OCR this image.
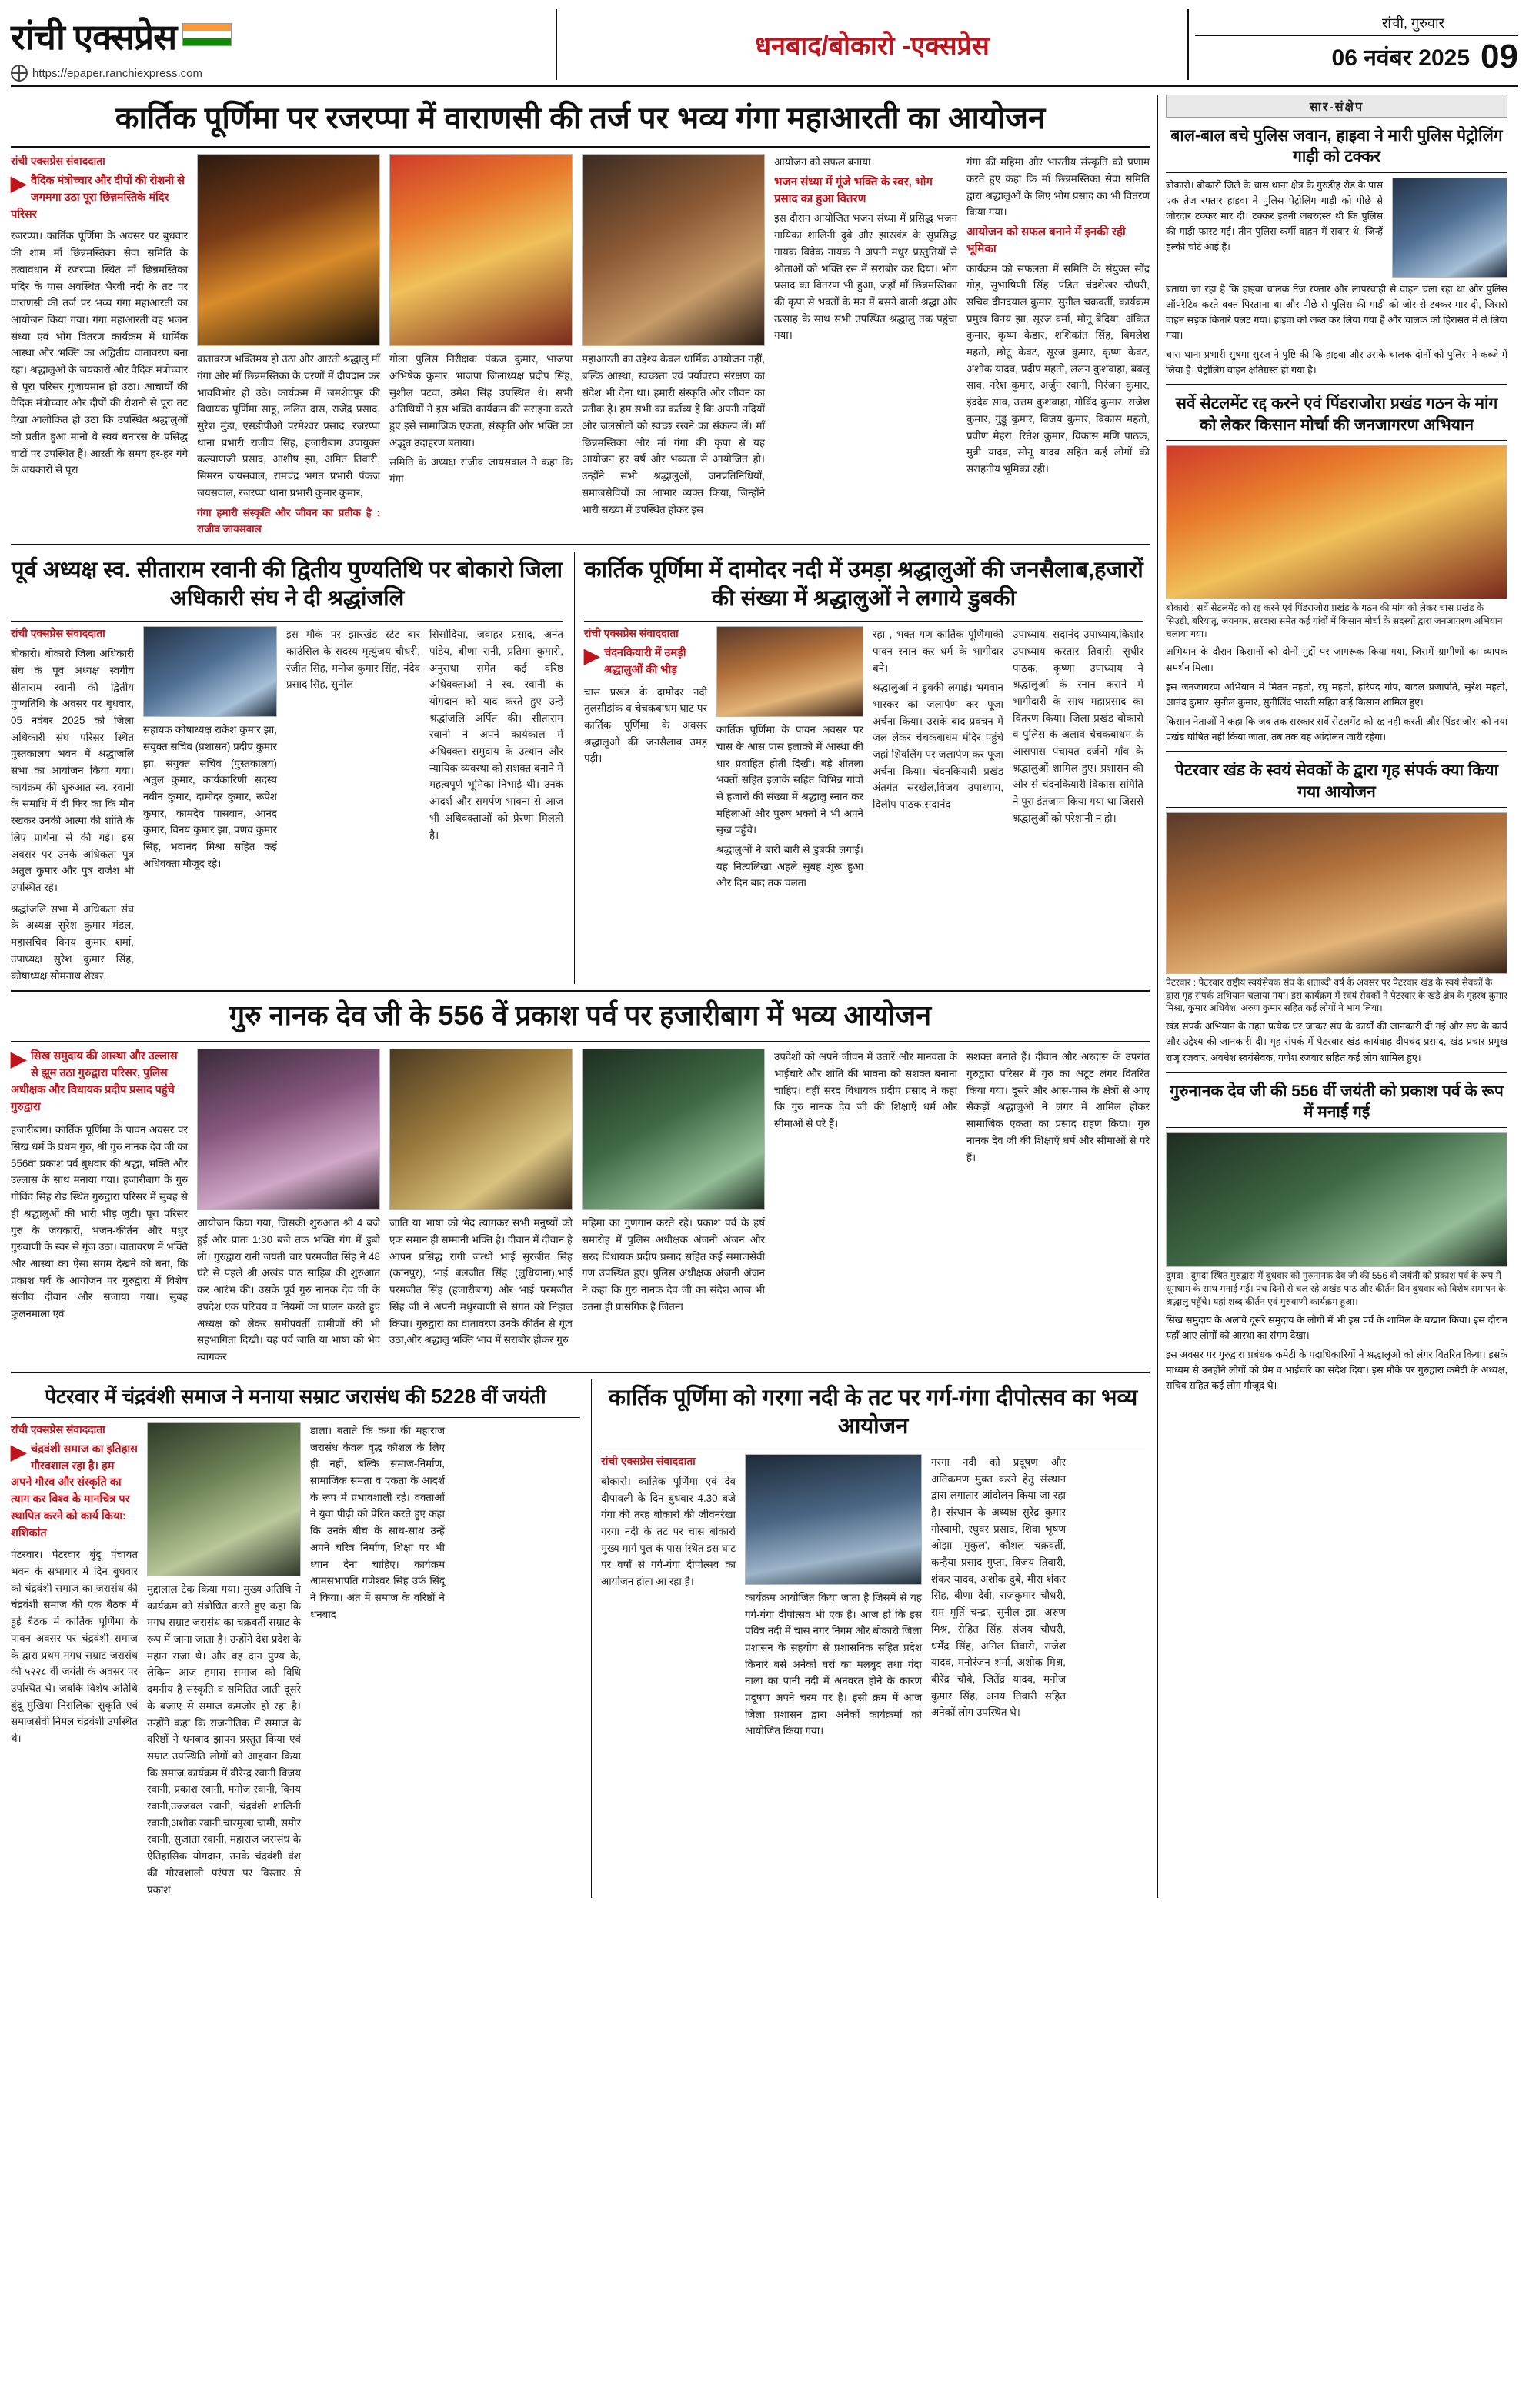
रांची एक्सप्रेस
https://epaper.ranchiexpress.com
धनबाद/बोकारो -एक्सप्रेस
रांची, गुरुवार
06 नवंबर 2025 09
कार्तिक पूर्णिमा पर रजरप्पा में वाराणसी की तर्ज पर भव्य गंगा महाआरती का आयोजन
रांची एक्सप्रेस संवाददाता
▶ वैदिक मंत्रोच्चार और दीपों की रोशनी से जगमगा उठा पूरा छिन्नमस्तिके मंदिर परिसर
रजरप्पा। कार्तिक पूर्णिमा के अवसर पर बुधवार की शाम माँ छिन्नमस्तिका सेवा समिति के तत्वावधान में रजरप्पा स्थित माँ छिन्नमस्तिका मंदिर के पास अवस्थित भैरवी नदी के तट पर वाराणसी की तर्ज पर भव्य गंगा महाआरती का आयोजन किया गया। गंगा महाआरती वह भजन संध्या एवं भोग वितरण कार्यक्रम में धार्मिक आस्था और भक्ति का अद्वितीय वातावरण बना रहा। श्रद्धालुओं के जयकारों और वैदिक मंत्रोच्चार से पूरा परिसर गुंजायमान हो उठा। आचार्यों की वैदिक मंत्रोच्चार और दीपों की रौशनी से पूरा तट देखा आलोकित हो उठा कि उपस्थित श्रद्धालुओं को प्रतीत हुआ मानो वे स्वयं बनारस के प्रसिद्ध घाटों पर उपस्थित हैं। आरती के समय हर-हर गंगे के जयकारों से पूरा
वातावरण भक्तिमय हो उठा और आरती श्रद्धालु माँ गंगा और माँ छिन्नमस्तिका के चरणों में दीपदान कर भावविभोर हो उठे। कार्यक्रम में जमशेदपुर की विधायक पूर्णिमा साहू, ललित दास, राजेंद्र प्रसाद, सुरेश मुंडा, एसडीपीओ परमेश्वर प्रसाद, रजरप्पा थाना प्रभारी राजीव सिंह, हजारीबाग उपायुक्त कल्याणजी प्रसाद, आशीष झा, अमित तिवारी, सिमरन जयसवाल, रामचंद्र भगत प्रभारी पंकज जयसवाल, रजरप्पा थाना प्रभारी कुमार कुमार,
गंगा हमारी संस्कृति और जीवन का प्रतीक है : राजीव जायसवाल
गोला पुलिस निरीक्षक पंकज कुमार, भाजपा अभिषेक कुमार, भाजपा जिलाध्यक्ष प्रदीप सिंह, सुशील पटवा, उमेश सिंह उपस्थित थे। सभी अतिथियों ने इस भक्ति कार्यक्रम की सराहना करते हुए इसे सामाजिक एकता, संस्कृति और भक्ति का अद्भुत उदाहरण बताया।
समिति के अध्यक्ष राजीव जायसवाल ने कहा कि गंगा
महाआरती का उद्देश्य केवल धार्मिक आयोजन नहीं, बल्कि आस्था, स्वच्छता एवं पर्यावरण संरक्षण का संदेश भी देना था। हमारी संस्कृति और जीवन का प्रतीक है। हम सभी का कर्तव्य है कि अपनी नदियों और जलस्रोतों को स्वच्छ रखने का संकल्प लें। माँ छिन्नमस्तिका और माँ गंगा की कृपा से यह आयोजन हर वर्ष और भव्यता से आयोजित हो। उन्होंने सभी श्रद्धालुओं, जनप्रतिनिधियों, समाजसेवियों का आभार व्यक्त किया, जिन्होंने भारी संख्या में उपस्थित होकर इस
आयोजन को सफल बनाया।
भजन संध्या में गूंजे भक्ति के स्वर, भोग प्रसाद का हुआ वितरण
इस दौरान आयोजित भजन संध्या में प्रसिद्ध भजन गायिका शालिनी दुबे और झारखंड के सुप्रसिद्ध गायक विवेक नायक ने अपनी मधुर प्रस्तुतियों से श्रोताओं को भक्ति रस में सराबोर कर दिया। भोग प्रसाद का वितरण भी हुआ, जहाँ माँ छिन्नमस्तिका की कृपा से भक्तों के मन में बसने वाली श्रद्धा और उत्साह के साथ सभी उपस्थित श्रद्धालु तक पहुंचा गया।
गंगा की महिमा और भारतीय संस्कृति को प्रणाम करते हुए कहा कि माँ छिन्नमस्तिका सेवा समिति द्वारा श्रद्धालुओं के लिए भोग प्रसाद का भी वितरण किया गया।
आयोजन को सफल बनाने में इनकी रही भूमिका
कार्यक्रम को सफलता में समिति के संयुक्त सोंद्र गोड़, सुभाषिणी सिंह, पंडित चंद्रशेखर चौधरी, सचिव दीनदयाल कुमार, सुनील चक्रवर्ती, कार्यक्रम प्रमुख विनय झा, सूरज वर्मा, मोनू बेदिया, अंकित कुमार, कृष्ण केडार, शशिकांत सिंह, बिमलेश महतो, छोटू केवट, सूरज कुमार, कृष्ण केवट, अशोक यादव, प्रदीप महतो, ललन कुशवाहा, बबलू साव, नरेश कुमार, अर्जुन रवानी, निरंजन कुमार, इंद्रदेव साव, उत्तम कुशवाहा, गोविंद कुमार, राजेश कुमार, गुड्डू कुमार, विजय कुमार, विकास महतो, प्रवीण मेहरा, रितेश कुमार, विकास मणि पाठक, मुन्नी यादव, सोनू यादव सहित कई लोगों की सराहनीय भूमिका रही।
पूर्व अध्यक्ष स्व. सीताराम रवानी की द्वितीय पुण्यतिथि पर बोकारो जिला अधिकारी संघ ने दी श्रद्धांजलि
रांची एक्सप्रेस संवाददाता
बोकारो। बोकारो जिला अधिकारी संघ के पूर्व अध्यक्ष स्वर्गीय सीताराम रवानी की द्वितीय पुण्यतिथि के अवसर पर बुधवार, 05 नवंबर 2025 को जिला अधिकारी संघ परिसर स्थित पुस्तकालय भवन में श्रद्धांजलि सभा का आयोजन किया गया। कार्यक्रम की शुरुआत स्व. रवानी के समाधि में दी फिर का कि मौन रखकर उनकी आत्मा की शांति के लिए प्रार्थना से की गई। इस अवसर पर उनके अधिकता पुत्र अतुल कुमार और पुत्र राजेश भी उपस्थित रहे।
श्रद्धांजलि सभा में अधिकता संघ के अध्यक्ष सुरेश कुमार मंडल, महासचिव विनय कुमार शर्मा, उपाध्यक्ष सुरेश कुमार सिंह, कोषाध्यक्ष सोमनाथ शेखर,
सहायक कोषाध्यक्ष राकेश कुमार झा, संयुक्त सचिव (प्रशासन) प्रदीप कुमार झा, संयुक्त सचिव (पुस्तकालय) अतुल कुमार, कार्यकारिणी सदस्य नवीन कुमार, दामोदर कुमार, रूपेश कुमार, कामदेव पासवान, आनंद कुमार, विनय कुमार झा, प्रणव कुमार सिंह, भवानंद मिश्रा सहित कई अधिवक्ता मौजूद रहे।
इस मौके पर झारखंड स्टेट बार काउंसिल के सदस्य मृत्युंजय चौधरी, रंजीत सिंह, मनोज कुमार सिंह, नंदेव प्रसाद सिंह, सुनील
सिसोदिया, जवाहर प्रसाद, अनंत पांडेय, बीणा रानी, प्रतिमा कुमारी, अनुराधा समेत कई वरिष्ठ अधिवक्ताओं ने स्व. रवानी के योगदान को याद करते हुए उन्हें श्रद्धांजलि अर्पित की। सीताराम रवानी ने अपने कार्यकाल में अधिवक्ता समुदाय के उत्थान और न्यायिक व्यवस्था को सशक्त बनाने में महत्वपूर्ण भूमिका निभाई थी। उनके आदर्श और समर्पण भावना से आज भी अधिवक्ताओं को प्रेरणा मिलती है।
कार्तिक पूर्णिमा में दामोदर नदी में उमड़ा श्रद्धालुओं की जनसैलाब,हजारों की संख्या में श्रद्धालुओं ने लगाये डुबकी
रांची एक्सप्रेस संवाददाता
▶ चंदनकियारी में उमड़ी श्रद्धालुओं की भीड़
चास प्रखंड के दामोदर नदी तुलसीडांक व चेचकबाधम घाट पर कार्तिक पूर्णिमा के अवसर श्रद्धालुओं की जनसैलाब उमड़ पड़ी।
कार्तिक पूर्णिमा के पावन अवसर पर चास के आस पास इलाको में आस्था की धार प्रवाहित होती दिखी। बड़े शीतला भक्तों सहित इलाके सहित विभिन्न गांवों से हजारों की संख्या में श्रद्धालु स्नान कर महिलाओं और पुरुष भक्तों ने भी अपने सुख पहुँचे।
श्रद्धालुओं ने बारी बारी से डुबकी लगाई। यह नित्यलिखा अहले सुबह शुरू हुआ और दिन बाद तक चलता
रहा , भक्त गण कार्तिक पूर्णिमाकी पावन स्नान कर धर्म के भागीदार बने।
श्रद्धालुओं ने डुबकी लगाई। भगवान भास्कर को जलार्पण कर पूजा अर्चना किया। उसके बाद प्रवचन में जल लेकर चेचकबाधम मंदिर पहुंचे जहां शिवलिंग पर जलार्पण कर पूजा अर्चना किया। चंदनकियारी प्रखंड अंतर्गत सरखेल,विजय उपाध्याय, दिलीप पाठक,सदानंद
उपाध्याय, सदानंद उपाध्याय,किशोर उपाध्याय करतार तिवारी, सुधीर पाठक, कृष्णा उपाध्याय ने श्रद्धालुओं के स्नान कराने में भागीदारी के साथ महाप्रसाद का वितरण किया। जिला प्रखंड बोकारो व पुलिस के अलावे चेचकबाधम के आसपास पंचायत दर्जनों गाँव के श्रद्धालुओं शामिल हुए। प्रशासन की ओर से चंदनकियारी विकास समिति ने पूरा इंतजाम किया गया था जिससे श्रद्धालुओं को परेशानी न हो।
गुरु नानक देव जी के 556 वें प्रकाश पर्व पर हजारीबाग में भव्य आयोजन
▶ सिख समुदाय की आस्था और उल्लास से झूम उठा गुरुद्वारा परिसर, पुलिस अधीक्षक और विधायक प्रदीप प्रसाद पहुंचे गुरुद्वारा
हजारीबाग। कार्तिक पूर्णिमा के पावन अवसर पर सिख धर्म के प्रथम गुरु, श्री गुरु नानक देव जी का 556वां प्रकाश पर्व बुधवार की श्रद्धा, भक्ति और उल्लास के साथ मनाया गया। हजारीबाग के गुरु गोविंद सिंह रोड स्थित गुरुद्वारा परिसर में सुबह से ही श्रद्धालुओं की भारी भीड़ जुटी। पूरा परिसर गुरु के जयकारों, भजन-कीर्तन और मधुर गुरुवाणी के स्वर से गूंज उठा। वातावरण में भक्ति और आस्था का ऐसा संगम देखने को बना, कि प्रकाश पर्व के आयोजन पर गुरुद्वारा में विशेष संजीव दीवान और सजाया गया। सुबह फुलनमाला एवं
आयोजन किया गया, जिसकी शुरुआत श्री 4 बजे हुई और प्रातः 1:30 बजे तक भक्ति गंग में डुबो ली। गुरुद्वारा रानी जयंती चार परमजीत सिंह ने 48 घंटे से पहले श्री अखंड पाठ साहिब की शुरुआत कर आरंभ की। उसके पूर्व गुरु नानक देव जी के उपदेश एक परिचय व नियमों का पालन करते हुए अध्यक्ष को लेकर समीपवर्ती ग्रामीणों की भी सहभागिता दिखी। यह पर्व जाति या भाषा को भेद त्यागकर
जाति या भाषा को भेद त्यागकर सभी मनुष्यों को एक समान ही सम्मानी भक्ति है। दीवान में दीवान हे आपन प्रसिद्ध रागी जत्थों भाई सुरजीत सिंह (कानपुर), भाई बलजीत सिंह (लुधियाना),भाई परमजीत सिंह (हजारीबाग) और भाई परमजीत सिंह जी ने अपनी मधुरवाणी से संगत को निहाल किया। गुरुद्वारा का वातावरण उनके कीर्तन से गूंज उठा,और श्रद्धालु भक्ति भाव में सराबोर होकर गुरु
महिमा का गुणगान करते रहे। प्रकाश पर्व के हर्ष समारोह में पुलिस अधीक्षक अंजनी अंजन और सरद विधायक प्रदीप प्रसाद सहित कई समाजसेवी गण उपस्थित हुए। पुलिस अधीक्षक अंजनी अंजन ने कहा कि गुरु नानक देव जी का संदेश आज भी उतना ही प्रासंगिक है जितना
उपदेशों को अपने जीवन में उतारें और मानवता के भाईचारे और शांति की भावना को सशक्त बनाना चाहिए। वहीं सरद विधायक प्रदीप प्रसाद ने कहा कि गुरु नानक देव जी की शिक्षाएँ धर्म और सीमाओं से परे हैं।
सशक्त बनाते हैं। दीवान और अरदास के उपरांत गुरुद्वारा परिसर में गुरु का अटूट लंगर वितरित किया गया। दूसरे और आस-पास के क्षेत्रों से आए सैकड़ों श्रद्धालुओं ने लंगर में शामिल होकर सामाजिक एकता का प्रसाद ग्रहण किया। गुरु नानक देव जी की शिक्षाएँ धर्म और सीमाओं से परे हैं।
पेटरवार में चंद्रवंशी समाज ने मनाया सम्राट जरासंध की 5228 वीं जयंती
रांची एक्सप्रेस संवाददाता
▶ चंद्रवंशी समाज का इतिहास गौरवशाल रहा है। हम अपने गौरव और संस्कृति का त्याग कर विश्व के मानचित्र पर स्थापित करने को कार्य किया: शशिकांत
पेटरवार। पेटरवार बुंदू पंचायत भवन के सभागार में दिन बुधवार को चंद्रवंशी समाज का जरासंध की चंद्रवंशी समाज की एक बैठक में हुई बैठक में कार्तिक पूर्णिमा के पावन अवसर पर चंद्रवंशी समाज के द्वारा प्रथम मगध सम्राट जरासंध की ५२२८ वीं जयंती के अवसर पर उपस्थित थे। जबकि विशेष अतिथि बुंदू मुखिया निरालिका सुकृति एवं समाजसेवी निर्मल चंद्रवंशी उपस्थित थे।
मुद्दालाल टेक किया गया। मुख्य अतिथि ने कार्यक्रम को संबोधित करते हुए कहा कि मगध सम्राट जरासंध का चक्रवर्ती सम्राट के रूप में जाना जाता है। उन्होंने देश प्रदेश के महान राजा थे। और वह दान पुण्य के, लेकिन आज हमारा समाज को विधि दमनीय है संस्कृति व समितित जाती दूसरे के बजाए से समाज कमजोर हो रहा है। उन्होंने कहा कि राजनीतिक में समाज के वरिष्ठों ने धनबाद झापन प्रस्तुत किया एवं सम्राट उपस्थिति लोगों को आहवान किया कि समाज कार्यक्रम में वीरेन्द्र रवानी विजय रवानी, प्रकाश रवानी, मनोज रवानी, विनय रवानी,उज्जवल रवानी, चंद्रवंशी शालिनी रवानी,अशोक रवानी,चारमुखा चामी, समीर रवानी, सुजाता रवानी, महाराज जरासंध के ऐतिहासिक योगदान, उनके चंद्रवंशी वंश की गौरवशाली परंपरा पर विस्तार से प्रकाश
डाला। बताते कि कथा की महाराज जरासंध केवल वृद्ध कौशल के लिए ही नहीं, बल्कि समाज-निर्माण, सामाजिक समता व एकता के आदर्श के रूप में प्रभावशाली रहे। वक्ताओं ने युवा पीढ़ी को प्रेरित करते हुए कहा कि उनके बीच के साथ-साथ उन्हें अपने चरित्र निर्माण, शिक्षा पर भी ध्यान देना चाहिए। कार्यक्रम आमसभापति गणेश्वर सिंह उर्फ सिंदू ने किया। अंत में समाज के वरिष्ठों ने धनबाद
कार्तिक पूर्णिमा को गरगा नदी के तट पर गर्ग-गंगा दीपोत्सव का भव्य आयोजन
रांची एक्सप्रेस संवाददाता
बोकारो। कार्तिक पूर्णिमा एवं देव दीपावली के दिन बुधवार 4.30 बजे गंगा की तरह बोकारो की जीवनरेखा गरगा नदी के तट पर चास बोकारो मुख्य मार्ग पुल के पास स्थित इस घाट पर वर्षों से गर्ग-गंगा दीपोत्सव का आयोजन होता आ रहा है।
कार्यक्रम आयोजित किया जाता है जिसमें से यह गर्ग-गंगा दीपोत्सव भी एक है। आज हो कि इस पवित्र नदी में चास नगर निगम और बोकारो जिला प्रशासन के सहयोग से प्रशासनिक सहित प्रदेश किनारे बसे अनेकों घरों का मलबुद तथा गंदा नाला का पानी नदी में अनवरत होने के कारण प्रदूषण अपने चरम पर है। इसी क्रम में आज जिला प्रशासन द्वारा अनेकों कार्यक्रमों को आयोजित किया गया।
गरगा नदी को प्रदूषण और अतिक्रमण मुक्त करने हेतु संस्थान द्वारा लगातार आंदोलन किया जा रहा है। संस्थान के अध्यक्ष सुरेंद्र कुमार गोस्वामी, रघुवर प्रसाद, शिवा भूषण ओझा 'मुकुल', कौशल चक्रवर्ती, कन्हैया प्रसाद गुप्ता, विजय तिवारी, शंकर यादव, अशोक दुबे, मीरा शंकर सिंह, बीणा देवी, राजकुमार चौधरी, राम मूर्ति चन्द्रा, सुनील झा, अरुण मिश्र, रोहित सिंह, संजय चौधरी, धर्मेंद्र सिंह, अनिल तिवारी, राजेश यादव, मनोरंजन शर्मा, अशोक मिश्र, बीरेंद्र चौबे, जितेंद्र यादव, मनोज कुमार सिंह, अनय तिवारी सहित अनेकों लोग उपस्थित थे।
सार-संक्षेप
बाल-बाल बचे पुलिस जवान, हाइवा ने मारी पुलिस पेट्रोलिंग गाड़ी को टक्कर
बोकारो। बोकारो जिले के चास थाना क्षेत्र के गुरुडीह रोड के पास एक तेज रफ्तार हाइवा ने पुलिस पेट्रोलिंग गाड़ी को पीछे से जोरदार टक्कर मार दी। टक्कर इतनी जबरदस्त थी कि पुलिस की गाड़ी फ़ास्ट गई। तीन पुलिस कर्मी वाहन में सवार थे, जिन्हें हल्की चोटें आई हैं।
बताया जा रहा है कि हाइवा चालक तेज रफ्तार और लापरवाही से वाहन चला रहा था और पुलिस ऑपरेटिव करते वक्त पिस्ताना था और पीछे से पुलिस की गाड़ी को जोर से टक्कर मार दी, जिससे वाहन सड़क किनारे पलट गया। हाइवा को जब्त कर लिया गया है और चालक को हिरासत में ले लिया गया।
चास थाना प्रभारी सुषमा सुरज ने पुष्टि की कि हाइवा और उसके चालक दोनों को पुलिस ने कब्जे में लिया है। पेट्रोलिंग वाहन क्षतिग्रस्त हो गया है।
सर्वे सेटलमेंट रद्द करने एवं पिंडराजोरा प्रखंड गठन के मांग को लेकर किसान मोर्चा की जनजागरण अभियान
बोकारो : सर्वे सेटलमेंट को रद्द करने एवं पिंडराजोरा प्रखंड के गठन की मांग को लेकर चास प्रखंड के सिउड़ी, बरियातू, जयनगर, सरदारा समेत कई गांवों में किसान मोर्चा के सदस्यों द्वारा जनजागरण अभियान चलाया गया।
अभियान के दौरान किसानों को दोनों मुद्दों पर जागरूक किया गया, जिसमें ग्रामीणों का व्यापक समर्थन मिला।
इस जनजागरण अभियान में मितन महतो, रघु महतो, हरिपद गोप, बादल प्रजापति, सुरेश महतो, आनंद कुमार, सुनील कुमार, सुनीलिंद भारती सहित कई किसान शामिल हुए।
किसान नेताओं ने कहा कि जब तक सरकार सर्वे सेटलमेंट को रद्द नहीं करती और पिंडराजोरा को नया प्रखंड घोषित नहीं किया जाता, तब तक यह आंदोलन जारी रहेगा।
पेटरवार खंड के स्वयं सेवकों के द्वारा गृह संपर्क क्या किया गया आयोजन
पेटरवार : पेटरवार राष्ट्रीय स्वयंसेवक संघ के शताब्दी वर्ष के अवसर पर पेटरवार खंड के स्वयं सेवकों के द्वारा गृह संपर्क अभियान चलाया गया। इस कार्यक्रम में स्वयं सेवकों ने पेटरवार के खंडे क्षेत्र के गृहस्थ कुमार मिश्रा, कुमार अधिवेश, अरुण कुमार सहित कई लोगों ने भाग लिया।
खंड संपर्क अभियान के तहत प्रत्येक घर जाकर संघ के कार्यों की जानकारी दी गई और संघ के कार्य और उद्देश्य की जानकारी दी। गृह संपर्क में पेटरवार खंड कार्यवाह दीपचंद प्रसाद, खंड प्रचार प्रमुख राजू रजवार, अवधेश स्वयंसेवक, गणेश रजवार सहित कई लोग शामिल हुए।
गुरुनानक देव जी की 556 वीं जयंती को प्रकाश पर्व के रूप में मनाई गई
दुगदा : दुगदा स्थित गुरुद्वारा में बुधवार को गुरुनानक देव जी की 556 वीं जयंती को प्रकाश पर्व के रूप में धूमधाम के साथ मनाई गई। पंच दिनों से चल रहे अखंड पाठ और कीर्तन दिन बुधवार को विशेष समापन के श्रद्धालु पहुँचे। यहां शब्द कीर्तन एवं गुरुवाणी कार्यक्रम हुआ।
सिख समुदाय के अलावे दूसरे समुदाय के लोगों में भी इस पर्व के शामिल के बखान किया। इस दौरान यहाँ आए लोगों को आस्था का संगम देखा।
इस अवसर पर गुरुद्वारा प्रबंधक कमेटी के पदाधिकारियों ने श्रद्धालुओं को लंगर वितरित किया। इसके माध्यम से उनहोंने लोगों को प्रेम व भाईचारे का संदेश दिया। इस मौके पर गुरुद्वारा कमेटी के अध्यक्ष, सचिव सहित कई लोग मौजूद थे।
